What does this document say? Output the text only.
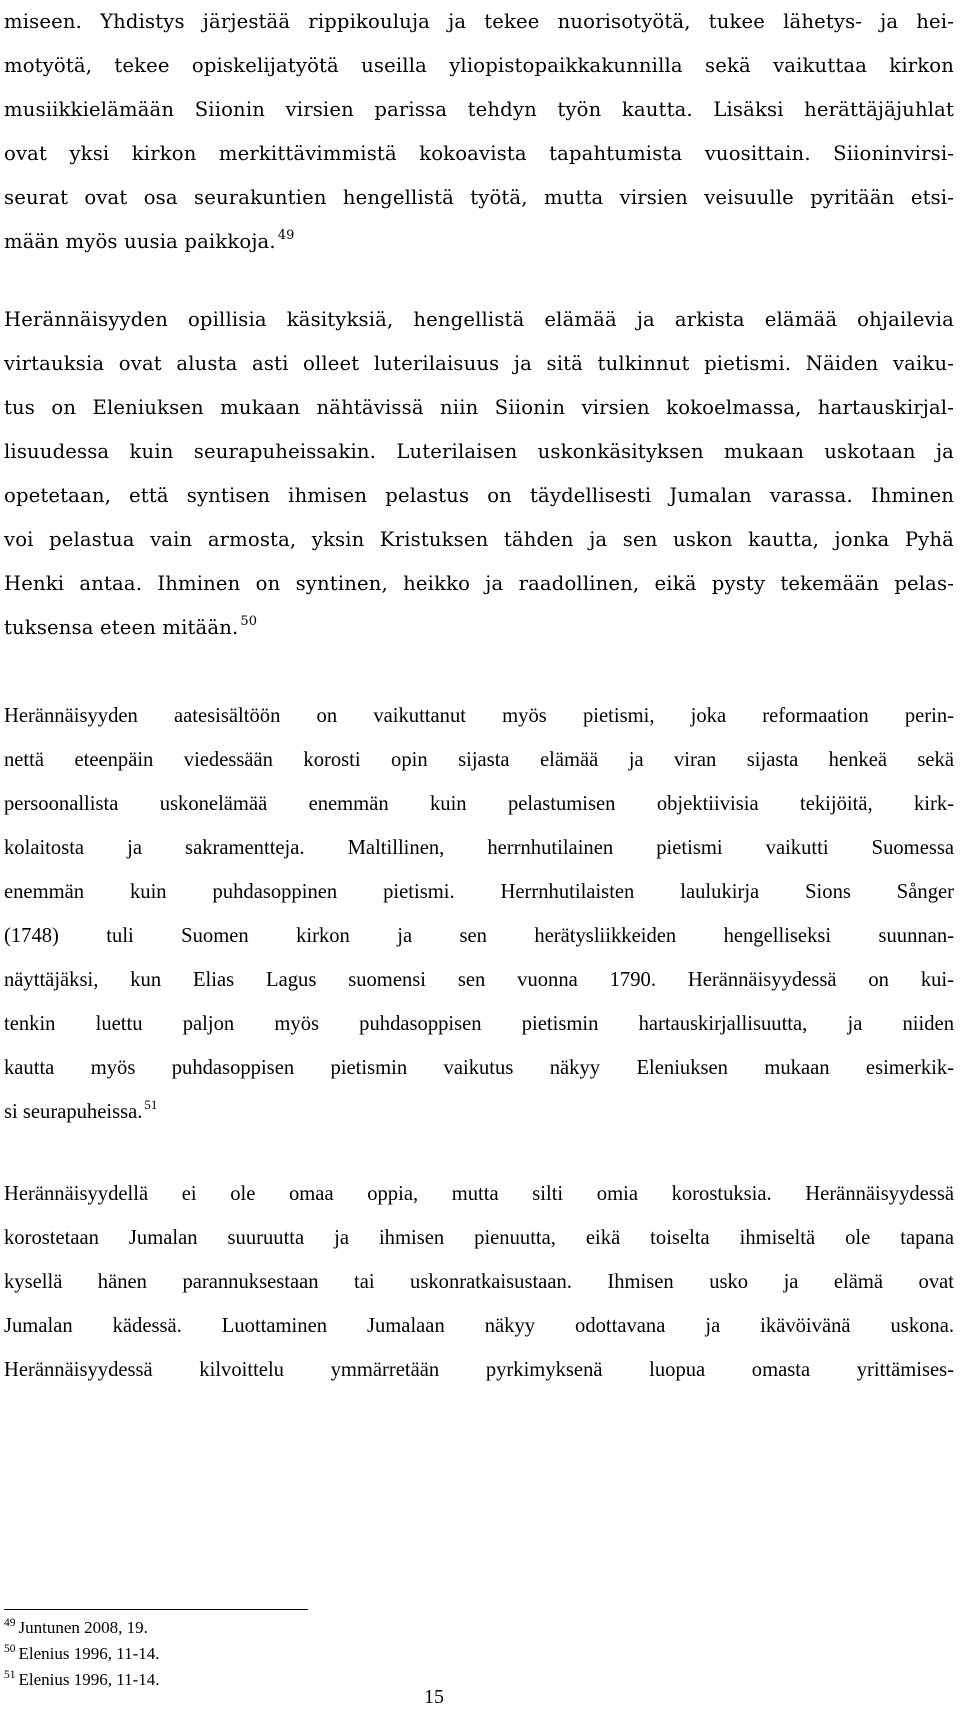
miseen. Yhdistys järjestää rippikouluja ja tekee nuorisotyötä, tukee lähetys- ja hei-
motyötä, tekee opiskelijatyötä useilla yliopistopaikkakunnilla sekä vaikuttaa kirkon
musiikkielämään Siionin virsien parissa tehdyn työn kautta. Lisäksi herättäjäjuhlat
ovat yksi kirkon merkittävimmistä kokoavista tapahtumista vuosittain. Siioninvirsi-
seurat ovat osa seurakuntien hengellistä työtä, mutta virsien veisuulle pyritään etsi-
mään myös uusia paikkoja. $^{49}$
Herännäisyyden opillisia käsityksiä, hengellistä elämää ja arkista elämää ohjailevia
virtauksia ovat alusta asti olleet luterilaisuus ja sitä tulkinnut pietismi. Näiden vaiku-
tus on Eleniuksen mukaan nähtävissä niin Siionin virsien kokoelmassa, hartauskirjal-
lisuudessa kuin seurapuheissakin. Luterilaisen uskonkäsityksen mukaan uskotaan ja
opetetaan, että syntisen ihmisen pelastus on täydellisesti Jumalan varassa. Ihminen
voi pelastua vain armosta, yksin Kristuksen tähden ja sen uskon kautta, jonka Pyhä
Henki antaa. Ihminen on syntinen, heikko ja raadollinen, eikä pysty tekemään pelas-
tuksensa eteen mitään. $^{50}$
Herännäisyyden aatesisältöön on vaikuttanut myös pietismi, joka reformaation perin-
nettä eteenpäin viedessään korosti opin sijasta elämää ja viran sijasta henkeä sekä
persoonallista uskonelämää enemmän kuin pelastumisen objektiivisia tekijöitä, kirk-
kolaitosta ja sakramentteja. Maltillinen, herrnhutilainen pietismi vaikutti Suomessa
enemmän kuin puhdasoppinen pietismi. Herrnhutilaisten laulukirja Sions Sånger
(1748) tuli Suomen kirkon ja sen herätysliikkeiden hengelliseksi suunnan-
näyttäjäksi, kun Elias Lagus suomensi sen vuonna 1790. Herännäisyydessä on kui-
tenkin luettu paljon myös puhdasoppisen pietismin hartauskirjallisuutta, ja niiden
kautta myös puhdasoppisen pietismin vaikutus näkyy Eleniuksen mukaan esimerkik-
si seurapuheissa. $^{51}$
Herännäisyydellä ei ole omaa oppia, mutta silti omia korostuksia. Herännäisyydessä
korostetaan Jumalan suuruutta ja ihmisen pienuutta, eikä toiselta ihmiseltä ole tapana
kysellä hänen parannuksestaan tai uskonratkaisustaan. Ihmisen usko ja elämä ovat
Jumalan kädessä. Luottaminen Jumalaan näkyy odottavana ja ikävöivänä uskona.
Herännäisyydessä kilvoittelu ymmärretään pyrkimyksenä luopua omasta yrittämises-
$^{49}$ Juntunen 2008, 19.
$^{50}$ Elenius 1996, 11-14.
$^{51}$ Elenius 1996, 11-14.
15
